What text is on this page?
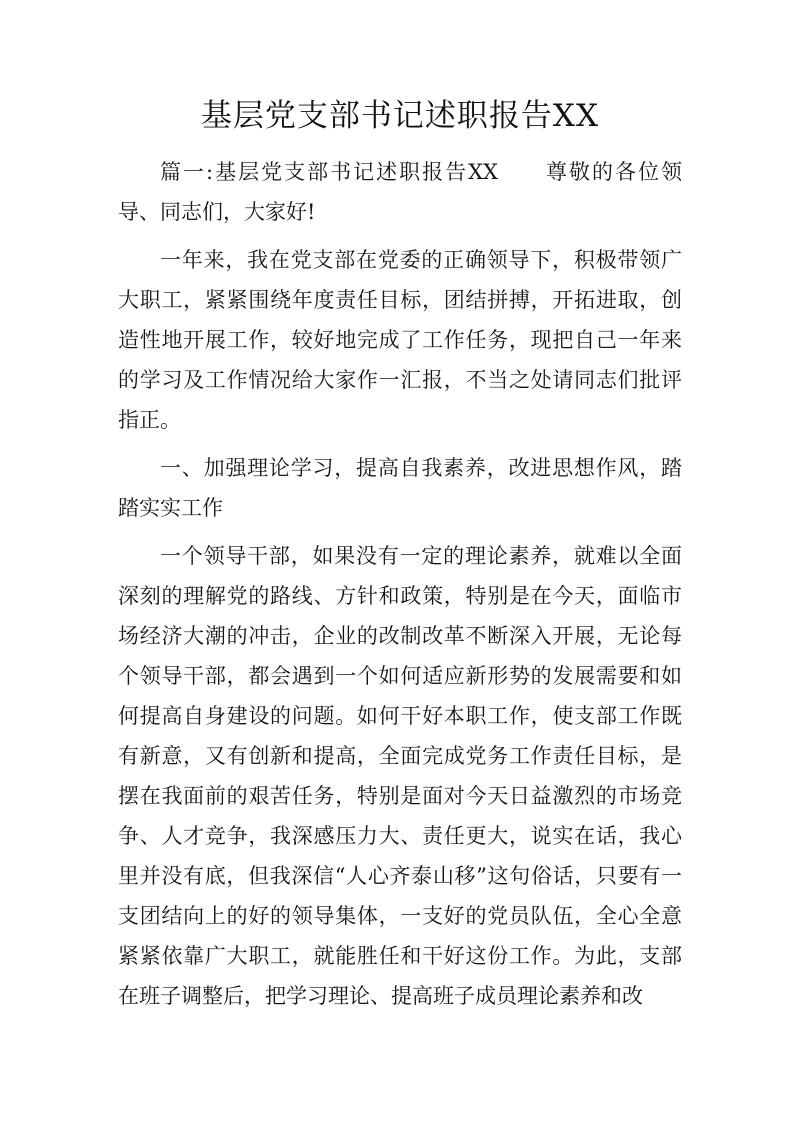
基层党支部书记述职报告XX

篇一:基层党支部书记述职报告XX 尊敬的各位领导、同志们，大家好!

一年来，我在党支部在党委的正确领导下，积极带领广大职工，紧紧围绕年度责任目标，团结拼搏，开拓进取，创造性地开展工作，较好地完成了工作任务，现把自己一年来的学习及工作情况给大家作一汇报，不当之处请同志们批评指正。

一、加强理论学习，提高自我素养，改进思想作风，踏踏实实工作

一个领导干部，如果没有一定的理论素养，就难以全面深刻的理解党的路线、方针和政策，特别是在今天，面临市场经济大潮的冲击，企业的改制改革不断深入开展，无论每个领导干部，都会遇到一个如何适应新形势的发展需要和如何提高自身建设的问题。如何干好本职工作，使支部工作既有新意，又有创新和提高，全面完成党务工作责任目标，是摆在我面前的艰苦任务，特别是面对今天日益激烈的市场竞争、人才竞争，我深感压力大、责任更大，说实在话，我心里并没有底，但我深信“人心齐泰山移”这句俗话，只要有一支团结向上的好的领导集体，一支好的党员队伍，全心全意紧紧依靠广大职工，就能胜任和干好这份工作。为此，支部在班子调整后，把学习理论、提高班子成员理论素养和改
